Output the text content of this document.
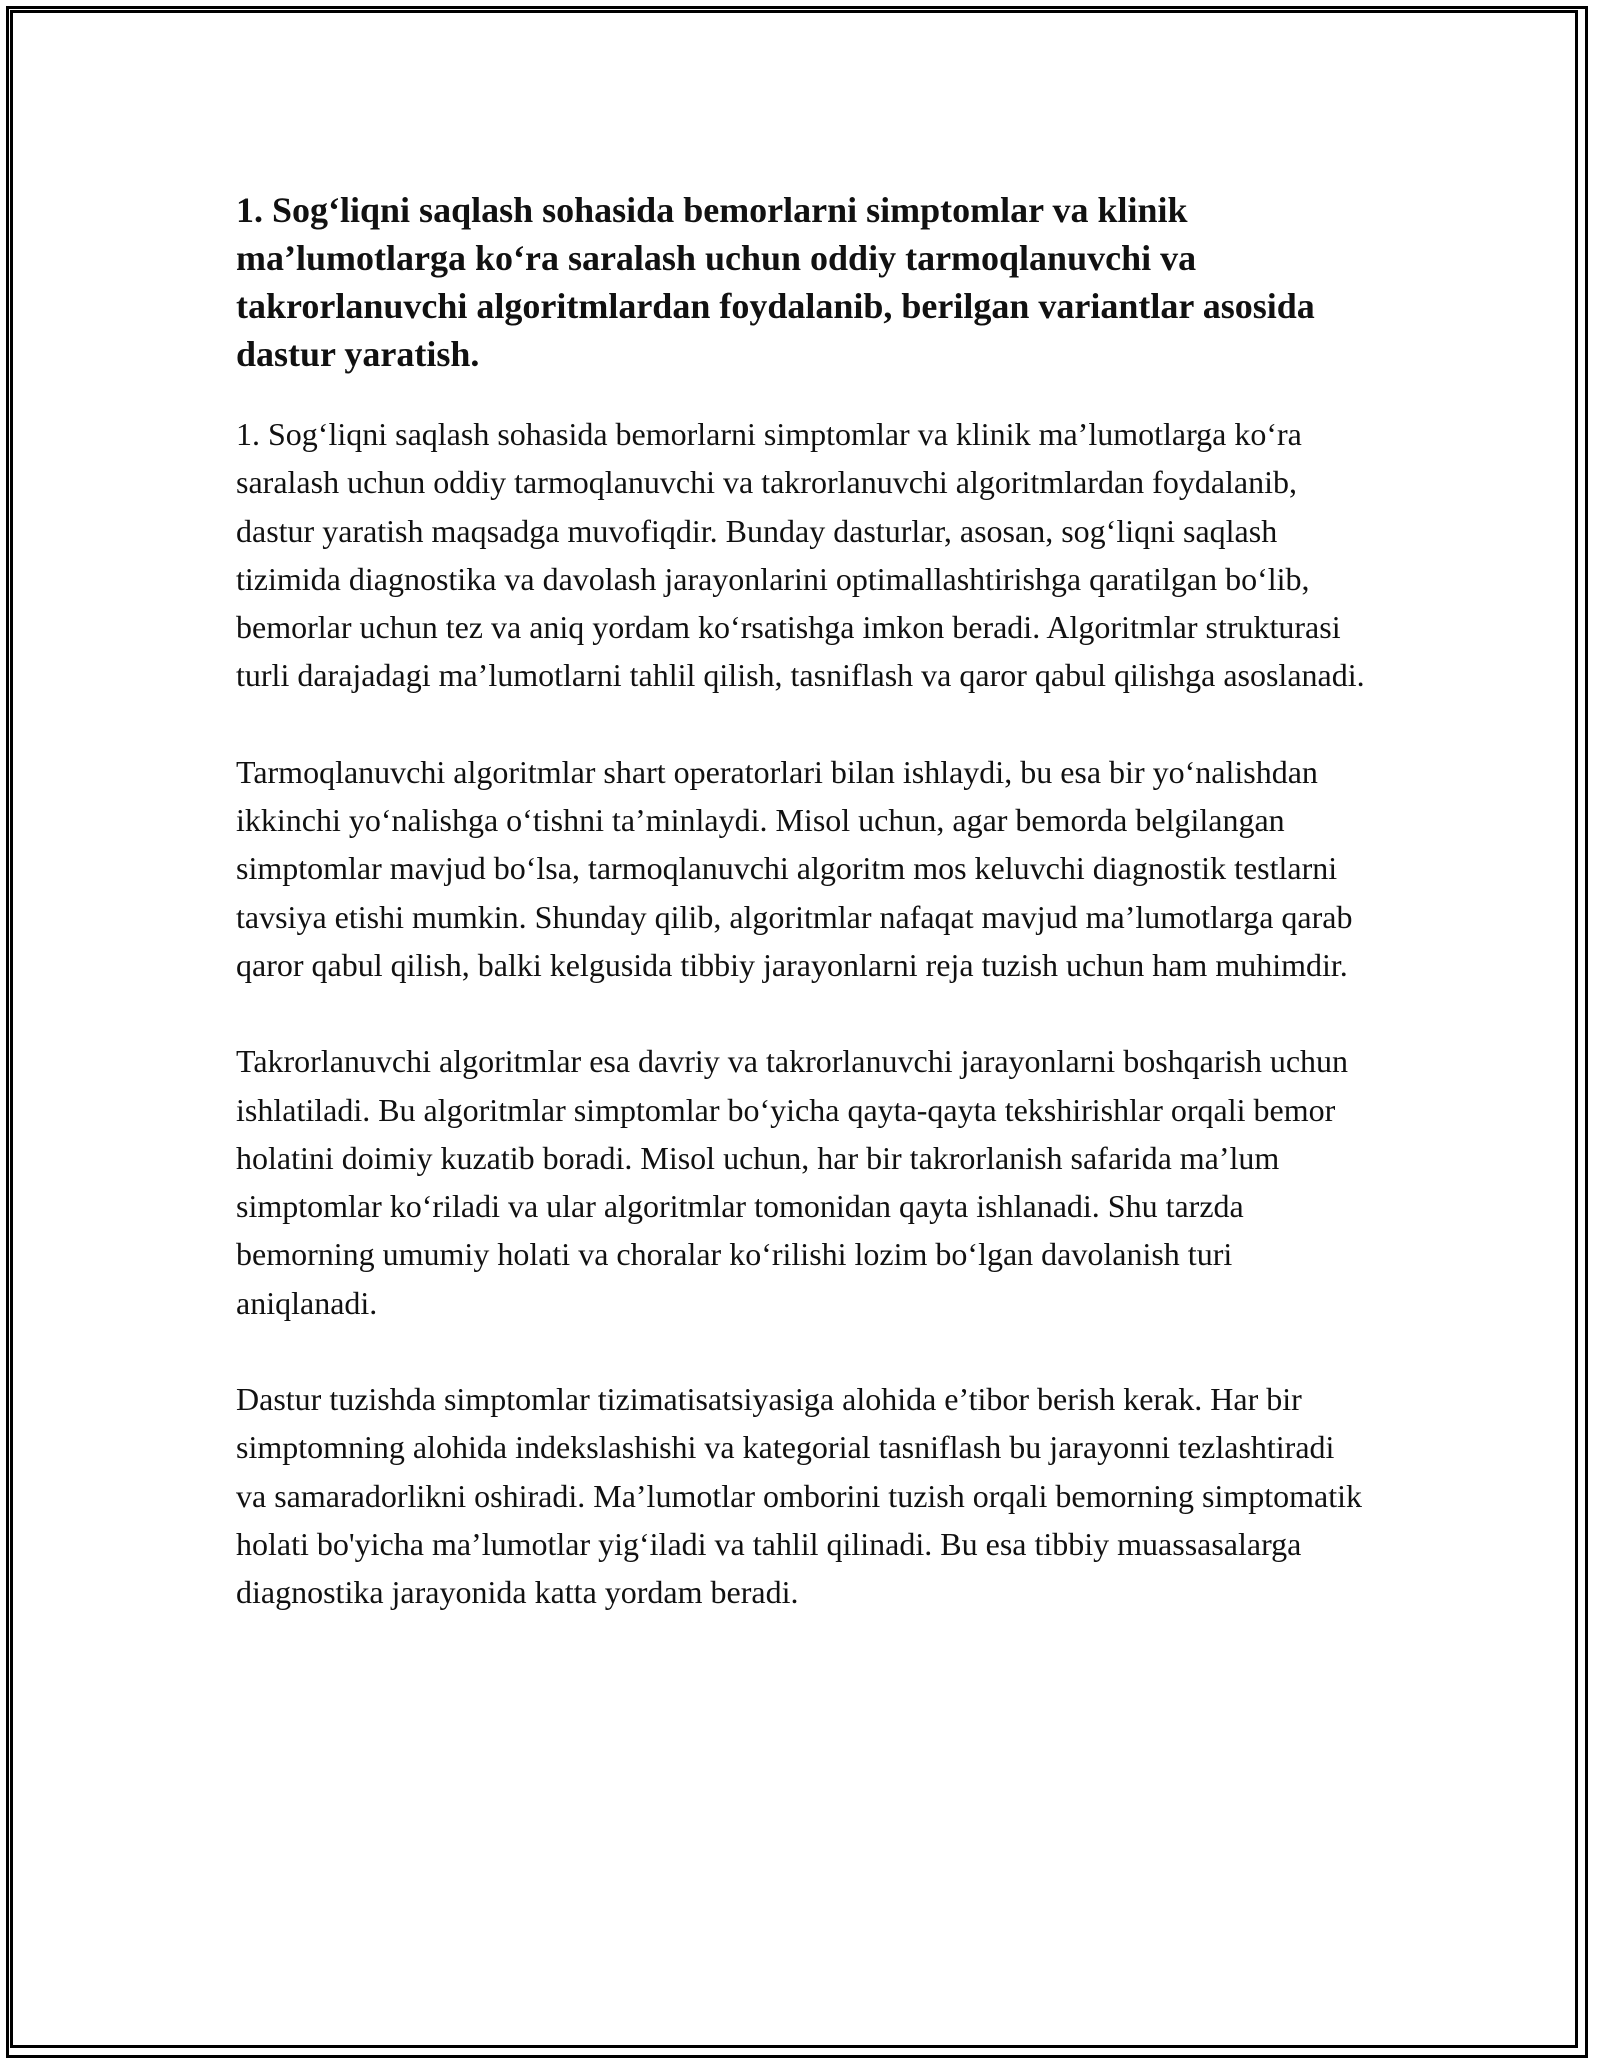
1. Sog‘liqni saqlash sohasida bemorlarni simptomlar va klinik ma’lumotlarga ko‘ra saralash uchun oddiy tarmoqlanuvchi va takrorlanuvchi algoritmlardan foydalanib, berilgan variantlar asosida dastur yaratish.

1. Sog‘liqni saqlash sohasida bemorlarni simptomlar va klinik ma’lumotlarga ko‘ra saralash uchun oddiy tarmoqlanuvchi va takrorlanuvchi algoritmlardan foydalanib, dastur yaratish maqsadga muvofiqdir. Bunday dasturlar, asosan, sog‘liqni saqlash tizimida diagnostika va davolash jarayonlarini optimallashtirishga qaratilgan bo‘lib, bemorlar uchun tez va aniq yordam ko‘rsatishga imkon beradi. Algoritmlar strukturasi turli darajadagi ma’lumotlarni tahlil qilish, tasniflash va qaror qabul qilishga asoslanadi.

Tarmoqlanuvchi algoritmlar shart operatorlari bilan ishlaydi, bu esa bir yo‘nalishdan ikkinchi yo‘nalishga o‘tishni ta’minlaydi. Misol uchun, agar bemorda belgilangan simptomlar mavjud bo‘lsa, tarmoqlanuvchi algoritm mos keluvchi diagnostik testlarni tavsiya etishi mumkin. Shunday qilib, algoritmlar nafaqat mavjud ma’lumotlarga qarab qaror qabul qilish, balki kelgusida tibbiy jarayonlarni reja tuzish uchun ham muhimdir.

Takrorlanuvchi algoritmlar esa davriy va takrorlanuvchi jarayonlarni boshqarish uchun ishlatiladi. Bu algoritmlar simptomlar bo‘yicha qayta-qayta tekshirishlar orqali bemor holatini doimiy kuzatib boradi. Misol uchun, har bir takrorlanish safarida ma’lum simptomlar ko‘riladi va ular algoritmlar tomonidan qayta ishlanadi. Shu tarzda bemorning umumiy holati va choralar ko‘rilishi lozim bo‘lgan davolanish turi aniqlanadi.

Dastur tuzishda simptomlar tizimatisatsiyasiga alohida e’tibor berish kerak. Har bir simptomning alohida indekslashishi va kategorial tasniflash bu jarayonni tezlashtiradi va samaradorlikni oshiradi. Ma’lumotlar omborini tuzish orqali bemorning simptomatik holati bo'yicha ma’lumotlar yig‘iladi va tahlil qilinadi. Bu esa tibbiy muassasalarga diagnostika jarayonida katta yordam beradi.
